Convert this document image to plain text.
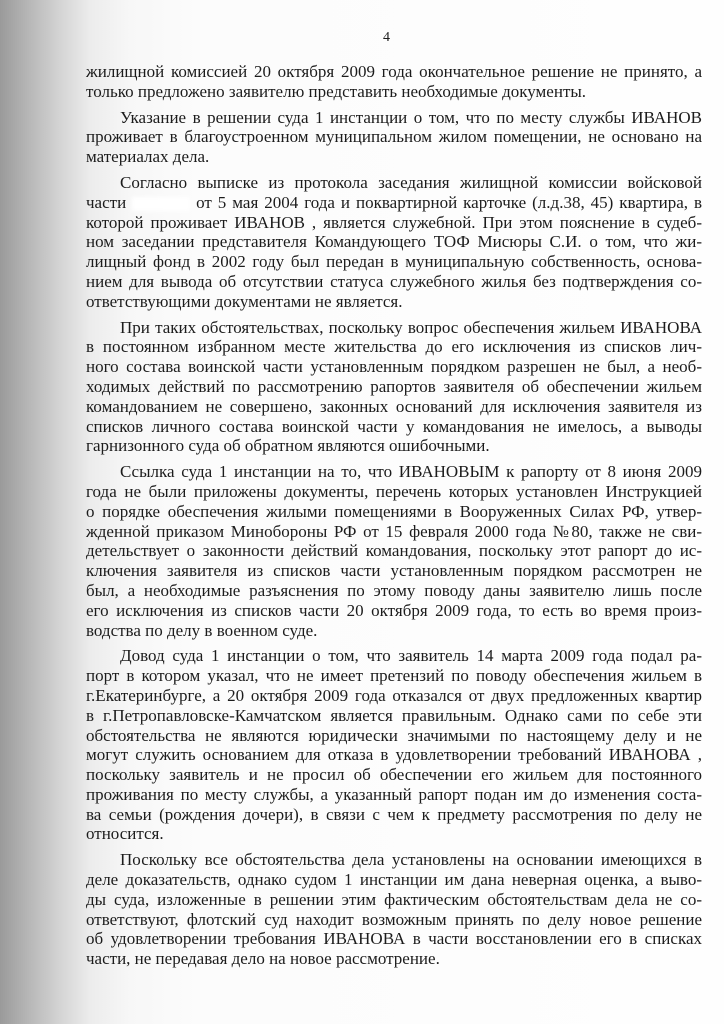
4
жилищной комиссией 20 октября 2009 года окончательное решение не принято, а
только предложено заявителю представить необходимые документы.
Указание в решении суда 1 инстанции о том, что по месту службы ИВАНОВ
проживает в благоустроенном муниципальном жилом помещении, не основано на
материалах дела.
Согласно выписке из протокола заседания жилищной комиссии войсковой
части	от 5 мая 2004 года и поквартирной карточке (л.д.38, 45) квартира, в
которой проживает ИВАНОВ , является служебной. При этом пояснение в судеб-
ном заседании представителя Командующего ТОФ Мисюры С.И. о том, что жи-
лищный фонд в 2002 году был передан в муниципальную собственность, основа-
нием для вывода об отсутствии статуса служебного жилья без подтверждения со-
ответствующими документами не является.
При таких обстоятельствах, поскольку вопрос обеспечения жильем ИВАНОВА
в постоянном избранном месте жительства до его исключения из списков лич-
ного состава воинской части установленным порядком разрешен не был, а необ-
ходимых действий по рассмотрению рапортов заявителя об обеспечении жильем
командованием не совершено, законных оснований для исключения заявителя из
списков личного состава воинской части у командования не имелось, а выводы
гарнизонного суда об обратном являются ошибочными.
Ссылка суда 1 инстанции на то, что ИВАНОВЫМ к рапорту от 8 июня 2009
года не были приложены документы, перечень которых установлен Инструкцией
о порядке обеспечения жилыми помещениями в Вооруженных Силах РФ, утвер-
жденной приказом Минобороны РФ от 15 февраля 2000 года №80, также не сви-
детельствует о законности действий командования, поскольку этот рапорт до ис-
ключения заявителя из списков части установленным порядком рассмотрен не
был, а необходимые разъяснения по этому поводу даны заявителю лишь после
его исключения из списков части 20 октября 2009 года, то есть во время произ-
водства по делу в военном суде.
Довод суда 1 инстанции о том, что заявитель 14 марта 2009 года подал ра-
порт в котором указал, что не имеет претензий по поводу обеспечения жильем в
г.Екатеринбурге, а 20 октября 2009 года отказался от двух предложенных квартир
в г.Петропавловске-Камчатском является правильным. Однако сами по себе эти
обстоятельства не являются юридически значимыми по настоящему делу и не
могут служить основанием для отказа в удовлетворении требований ИВАНОВА ,
поскольку заявитель и не просил об обеспечении его жильем для постоянного
проживания по месту службы, а указанный рапорт подан им до изменения соста-
ва семьи (рождения дочери), в связи с чем к предмету рассмотрения по делу не
относится.
Поскольку все обстоятельства дела установлены на основании имеющихся в
деле доказательств, однако судом 1 инстанции им дана неверная оценка, а выво-
ды суда, изложенные в решении этим фактическим обстоятельствам дела не со-
ответствуют, флотский суд находит возможным принять по делу новое решение
об удовлетворении требования ИВАНОВА в части восстановлении его в списках
части, не передавая дело на новое рассмотрение.
